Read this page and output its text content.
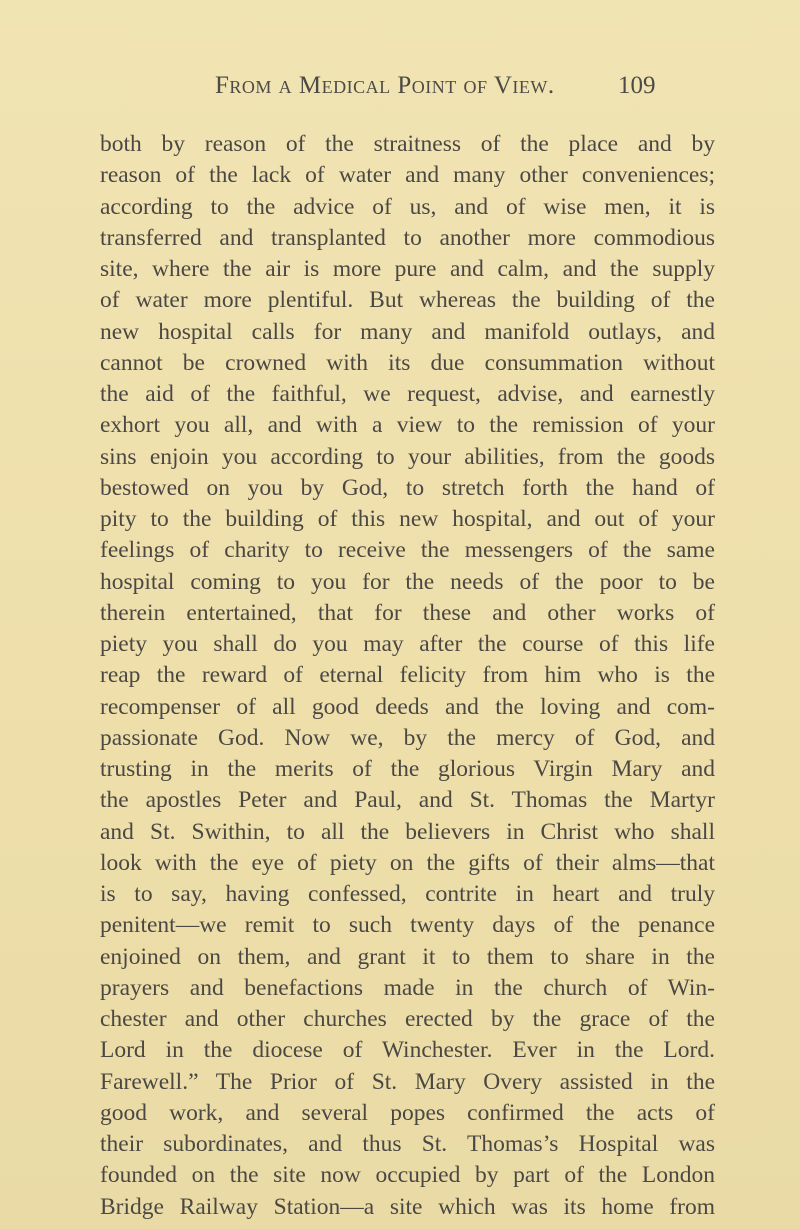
From a Medical Point of View.	109
both by reason of the straitness of the place and by
reason of the lack of water and many other conveniences;
according to the advice of us, and of wise men, it is
transferred and transplanted to another more commodious
site, where the air is more pure and calm, and the supply
of water more plentiful. But whereas the building of the
new hospital calls for many and manifold outlays, and
cannot be crowned with its due consummation without
the aid of the faithful, we request, advise, and earnestly
exhort you all, and with a view to the remission of your
sins enjoin you according to your abilities, from the goods
bestowed on you by God, to stretch forth the hand of
pity to the building of this new hospital, and out of your
feelings of charity to receive the messengers of the same
hospital coming to you for the needs of the poor to be
therein entertained, that for these and other works of
piety you shall do you may after the course of this life
reap the reward of eternal felicity from him who is the
recompenser of all good deeds and the loving and com-
passionate God. Now we, by the mercy of God, and
trusting in the merits of the glorious Virgin Mary and
the apostles Peter and Paul, and St. Thomas the Martyr
and St. Swithin, to all the believers in Christ who shall
look with the eye of piety on the gifts of their alms—that
is to say, having confessed, contrite in heart and truly
penitent—we remit to such twenty days of the penance
enjoined on them, and grant it to them to share in the
prayers and benefactions made in the church of Win-
chester and other churches erected by the grace of the
Lord in the diocese of Winchester. Ever in the Lord.
Farewell.” The Prior of St. Mary Overy assisted in the
good work, and several popes confirmed the acts of
their subordinates, and thus St. Thomas’s Hospital was
founded on the site now occupied by part of the London
Bridge Railway Station—a site which was its home from
